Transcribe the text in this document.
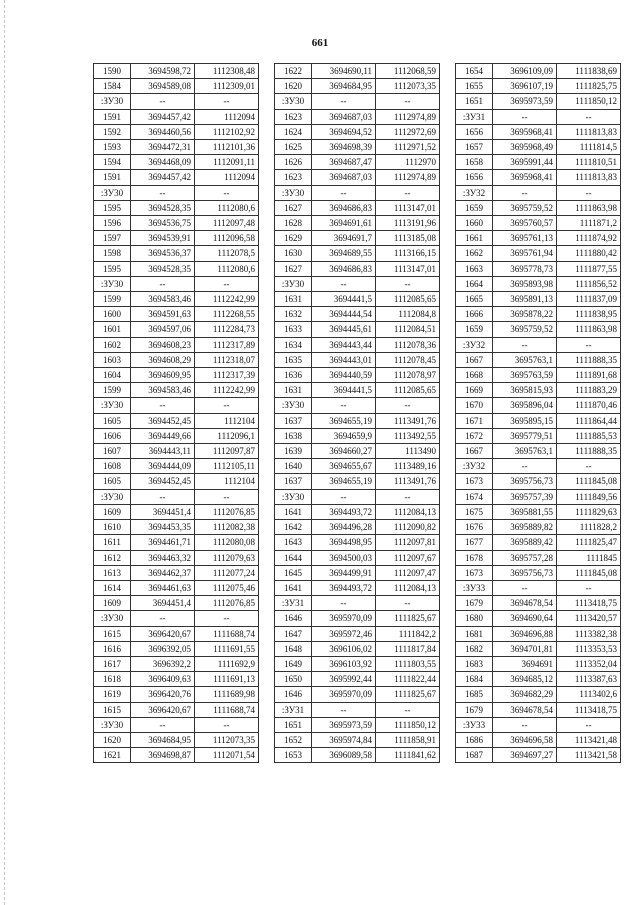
661
1590	3694598,72	1112308,48
1584	3694589,08	1112309,01
:ЗУ30	--	--
1591	3694457,42	1112094
1592	3694460,56	1112102,92
1593	3694472,31	1112101,36
1594	3694468,09	1112091,11
1591	3694457,42	1112094
:ЗУ30	--	--
1595	3694528,35	1112080,6
1596	3694536,75	1112097,48
1597	3694539,91	1112096,58
1598	3694536,37	1112078,5
1595	3694528,35	1112080,6
:ЗУ30	--	--
1599	3694583,46	1112242,99
1600	3694591,63	1112268,55
1601	3694597,06	1112284,73
1602	3694608,23	1112317,89
1603	3694608,29	1112318,07
1604	3694609,95	1112317,39
1599	3694583,46	1112242,99
:ЗУ30	--	--
1605	3694452,45	1112104
1606	3694449,66	1112096,1
1607	3694443,11	1112097,87
1608	3694444,09	1112105,11
1605	3694452,45	1112104
:ЗУ30	--	--
1609	3694451,4	1112076,85
1610	3694453,35	1112082,38
1611	3694461,71	1112080,08
1612	3694463,32	1112079,63
1613	3694462,37	1112077,24
1614	3694461,63	1112075,46
1609	3694451,4	1112076,85
:ЗУ30	--	--
1615	3696420,67	1111688,74
1616	3696392,05	1111691,55
1617	3696392,2	1111692,9
1618	3696409,63	1111691,13
1619	3696420,76	1111689,98
1615	3696420,67	1111688,74
:ЗУ30	--	--
1620	3694684,95	1112073,35
1621	3694698,87	1112071,54
1622	3694690,11	1112068,59
1620	3694684,95	1112073,35
:ЗУ30	--	--
1623	3694687,03	1112974,89
1624	3694694,52	1112972,69
1625	3694698,39	1112971,52
1626	3694687,47	1112970
1623	3694687,03	1112974,89
:ЗУ30	--	--
1627	3694686,83	1113147,01
1628	3694691,61	1113191,96
1629	3694691,7	1113185,08
1630	3694689,55	1113166,15
1627	3694686,83	1113147,01
:ЗУ30	--	--
1631	3694441,5	1112085,65
1632	3694444,54	1112084,8
1633	3694445,61	1112084,51
1634	3694443,44	1112078,36
1635	3694443,01	1112078,45
1636	3694440,59	1112078,97
1631	3694441,5	1112085,65
:ЗУ30	--	--
1637	3694655,19	1113491,76
1638	3694659,9	1113492,55
1639	3694660,27	1113490
1640	3694655,67	1113489,16
1637	3694655,19	1113491,76
:ЗУ30	--	--
1641	3694493,72	1112084,13
1642	3694496,28	1112090,82
1643	3694498,95	1112097,81
1644	3694500,03	1112097,67
1645	3694499,91	1112097,47
1641	3694493,72	1112084,13
:ЗУ31	--	--
1646	3695970,09	1111825,67
1647	3695972,46	1111842,2
1648	3696106,02	1111817,84
1649	3696103,92	1111803,55
1650	3695992,44	1111822,44
1646	3695970,09	1111825,67
:ЗУ31	--	--
1651	3695973,59	1111850,12
1652	3695974,84	1111858,91
1653	3696089,58	1111841,62
1654	3696109,09	1111838,69
1655	3696107,19	1111825,75
1651	3695973,59	1111850,12
:ЗУ31	--	--
1656	3695968,41	1111813,83
1657	3695968,49	1111814,5
1658	3695991,44	1111810,51
1656	3695968,41	1111813,83
:ЗУ32	--	--
1659	3695759,52	1111863,98
1660	3695760,57	1111871,2
1661	3695761,13	1111874,92
1662	3695761,94	1111880,42
1663	3695778,73	1111877,55
1664	3695893,98	1111856,52
1665	3695891,13	1111837,09
1666	3695878,22	1111838,95
1659	3695759,52	1111863,98
:ЗУ32	--	--
1667	3695763,1	1111888,35
1668	3695763,59	1111891,68
1669	3695815,93	1111883,29
1670	3695896,04	1111870,46
1671	3695895,15	1111864,44
1672	3695779,51	1111885,53
1667	3695763,1	1111888,35
:ЗУ32	--	--
1673	3695756,73	1111845,08
1674	3695757,39	1111849,56
1675	3695881,55	1111829,63
1676	3695889,82	1111828,2
1677	3695889,42	1111825,47
1678	3695757,28	1111845
1673	3695756,73	1111845,08
:ЗУ33	--	--
1679	3694678,54	1113418,75
1680	3694690,64	1113420,57
1681	3694696,88	1113382,38
1682	3694701,81	1113353,53
1683	3694691	1113352,04
1684	3694685,12	1113387,63
1685	3694682,29	1113402,6
1679	3694678,54	1113418,75
:ЗУ33	--	--
1686	3694696,58	1113421,48
1687	3694697,27	1113421,58
